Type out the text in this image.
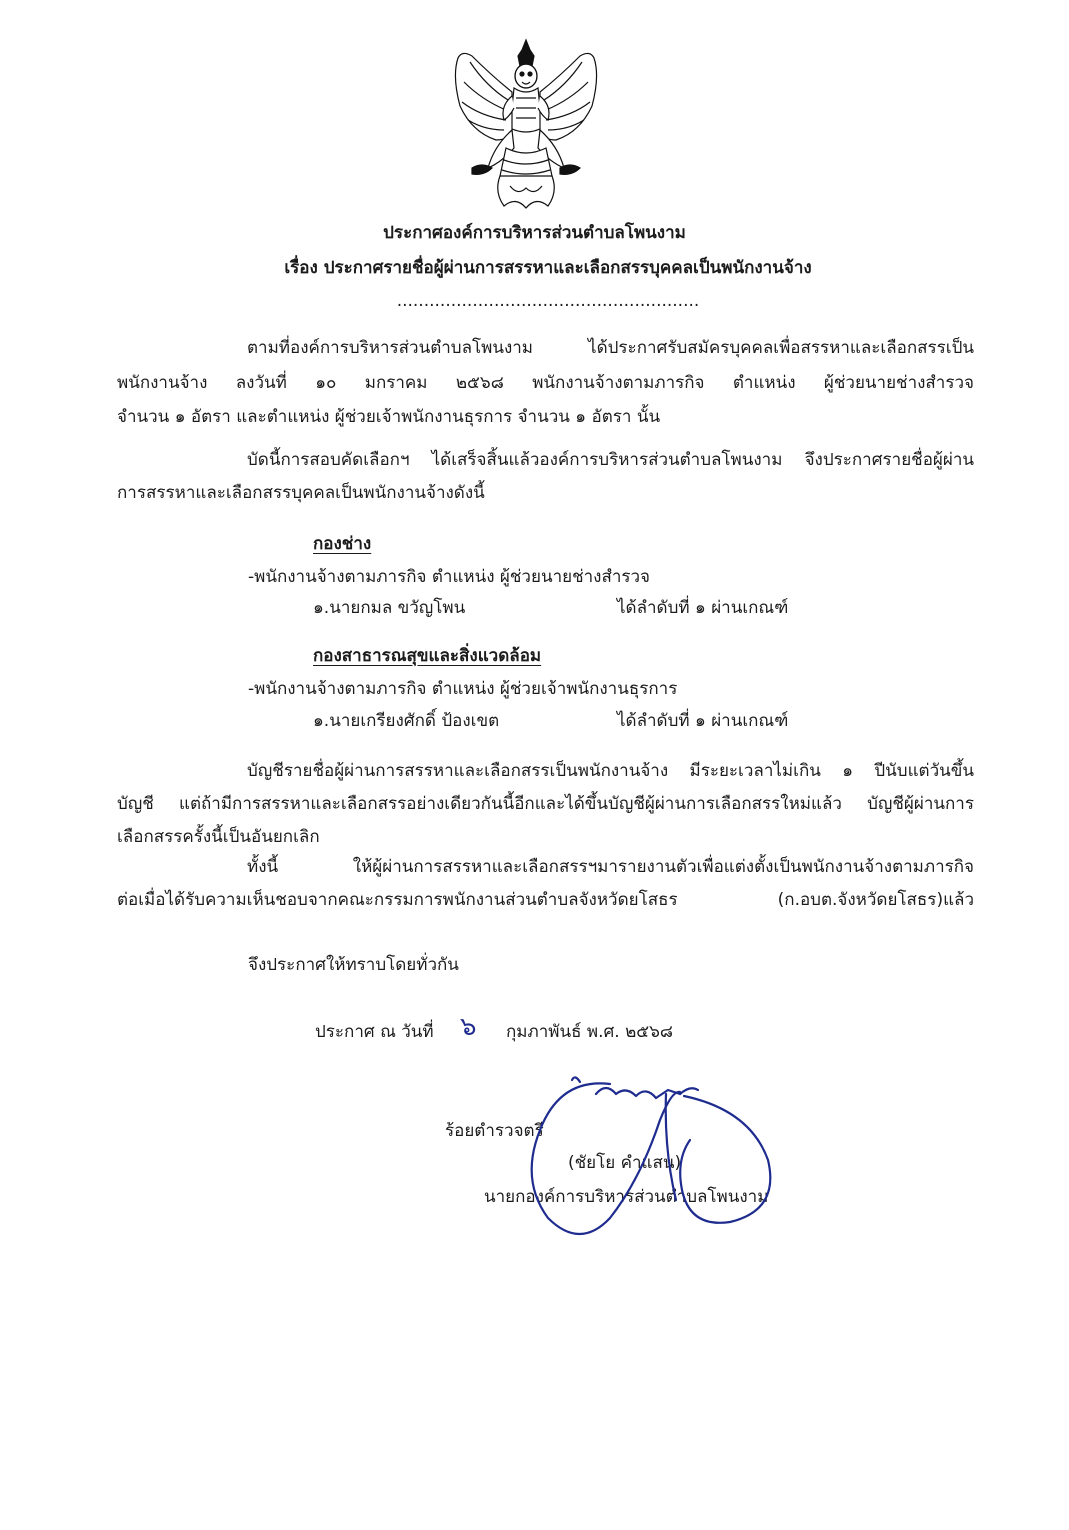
ประกาศองค์การบริหารส่วนตำบลโพนงาม
เรื่อง ประกาศรายชื่อผู้ผ่านการสรรหาและเลือกสรรบุคคลเป็นพนักงานจ้าง
........................................................
ตามที่องค์การบริหารส่วนตำบลโพนงาม ได้ประกาศรับสมัครบุคคลเพื่อสรรหาและเลือกสรรเป็น
พนักงานจ้าง ลงวันที่ ๑๐ มกราคม ๒๕๖๘ พนักงานจ้างตามภารกิจ ตำแหน่ง ผู้ช่วยนายช่างสำรวจ
จำนวน ๑ อัตรา และตำแหน่ง ผู้ช่วยเจ้าพนักงานธุรการ จำนวน ๑ อัตรา นั้น
บัดนี้การสอบคัดเลือกฯ ได้เสร็จสิ้นแล้วองค์การบริหารส่วนตำบลโพนงาม จึงประกาศรายชื่อผู้ผ่าน
การสรรหาและเลือกสรรบุคคลเป็นพนักงานจ้างดังนี้
กองช่าง
-พนักงานจ้างตามภารกิจ ตำแหน่ง ผู้ช่วยนายช่างสำรวจ
๑.นายกมล ขวัญโพน	ได้ลำดับที่ ๑ ผ่านเกณฑ์
กองสาธารณสุขและสิ่งแวดล้อม
-พนักงานจ้างตามภารกิจ ตำแหน่ง ผู้ช่วยเจ้าพนักงานธุรการ
๑.นายเกรียงศักดิ์ ป้องเขต	ได้ลำดับที่ ๑ ผ่านเกณฑ์
บัญชีรายชื่อผู้ผ่านการสรรหาและเลือกสรรเป็นพนักงานจ้าง มีระยะเวลาไม่เกิน ๑ ปีนับแต่วันขึ้น
บัญชี แต่ถ้ามีการสรรหาและเลือกสรรอย่างเดียวกันนี้อีกและได้ขึ้นบัญชีผู้ผ่านการเลือกสรรใหม่แล้ว บัญชีผู้ผ่านการ
เลือกสรรครั้งนี้เป็นอันยกเลิก
ทั้งนี้ ให้ผู้ผ่านการสรรหาและเลือกสรรฯมารายงานตัวเพื่อแต่งตั้งเป็นพนักงานจ้างตามภารกิจ
ต่อเมื่อได้รับความเห็นชอบจากคณะกรรมการพนักงานส่วนตำบลจังหวัดยโสธร (ก.อบต.จังหวัดยโสธร)แล้ว
จึงประกาศให้ทราบโดยทั่วกัน
ประกาศ ณ วันที่ ๖ กุมภาพันธ์ พ.ศ. ๒๕๖๘
ร้อยตำรวจตรี
(ชัยโย คำแสน)
นายกองค์การบริหารส่วนตำบลโพนงาม
